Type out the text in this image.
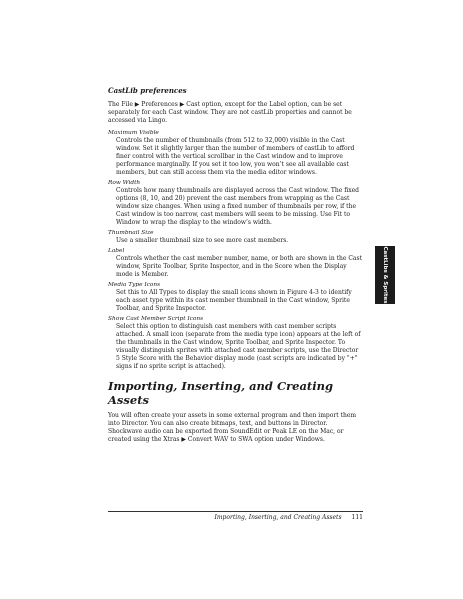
CastLib preferences

The File ▶ Preferences ▶ Cast option, except for the Label option, can be set separately for each Cast window. They are not castLib properties and cannot be accessed via Lingo.

Maximum Visible

Controls the number of thumbnails (from 512 to 32,000) visible in the Cast window. Set it slightly larger than the number of members of castLib to afford finer control with the vertical scrollbar in the Cast window and to improve performance marginally. If you set it too low, you won’t see all available cast members, but can still access them via the media editor windows.

Row Width

Controls how many thumbnails are displayed across the Cast window. The fixed options (8, 10, and 20) prevent the cast members from wrapping as the Cast window size changes. When using a fixed number of thumbnails per row, if the Cast window is too narrow, cast members will seem to be missing. Use Fit to Window to wrap the display to the window’s width.

Thumbnail Size

Use a smaller thumbnail size to see more cast members.

Label

Controls whether the cast member number, name, or both are shown in the Cast window, Sprite Toolbar, Sprite Inspector, and in the Score when the Display mode is Member.

Media Type Icons

Set this to All Types to display the small icons shown in Figure 4-3 to identify each asset type within its cast member thumbnail in the Cast window, Sprite Toolbar, and Sprite Inspector.

Show Cast Member Script Icons

Select this option to distinguish cast members with cast member scripts attached. A small icon (separate from the media type icon) appears at the left of the thumbnails in the Cast window, Sprite Toolbar, and Sprite Inspector. To visually distinguish sprites with attached cast member scripts, use the Director 5 Style Score with the Behavior display mode (cast scripts are indicated by "+" signs if no sprite script is attached).

Importing, Inserting, and Creating Assets

You will often create your assets in some external program and then import them into Director. You can also create bitmaps, text, and buttons in Director. Shockwave audio can be exported from SoundEdit or Peak LE on the Mac, or created using the Xtras ▶ Convert WAV to SWA option under Windows.

CastLibs & Sprites
Importing, Inserting, and Creating Assets 111
